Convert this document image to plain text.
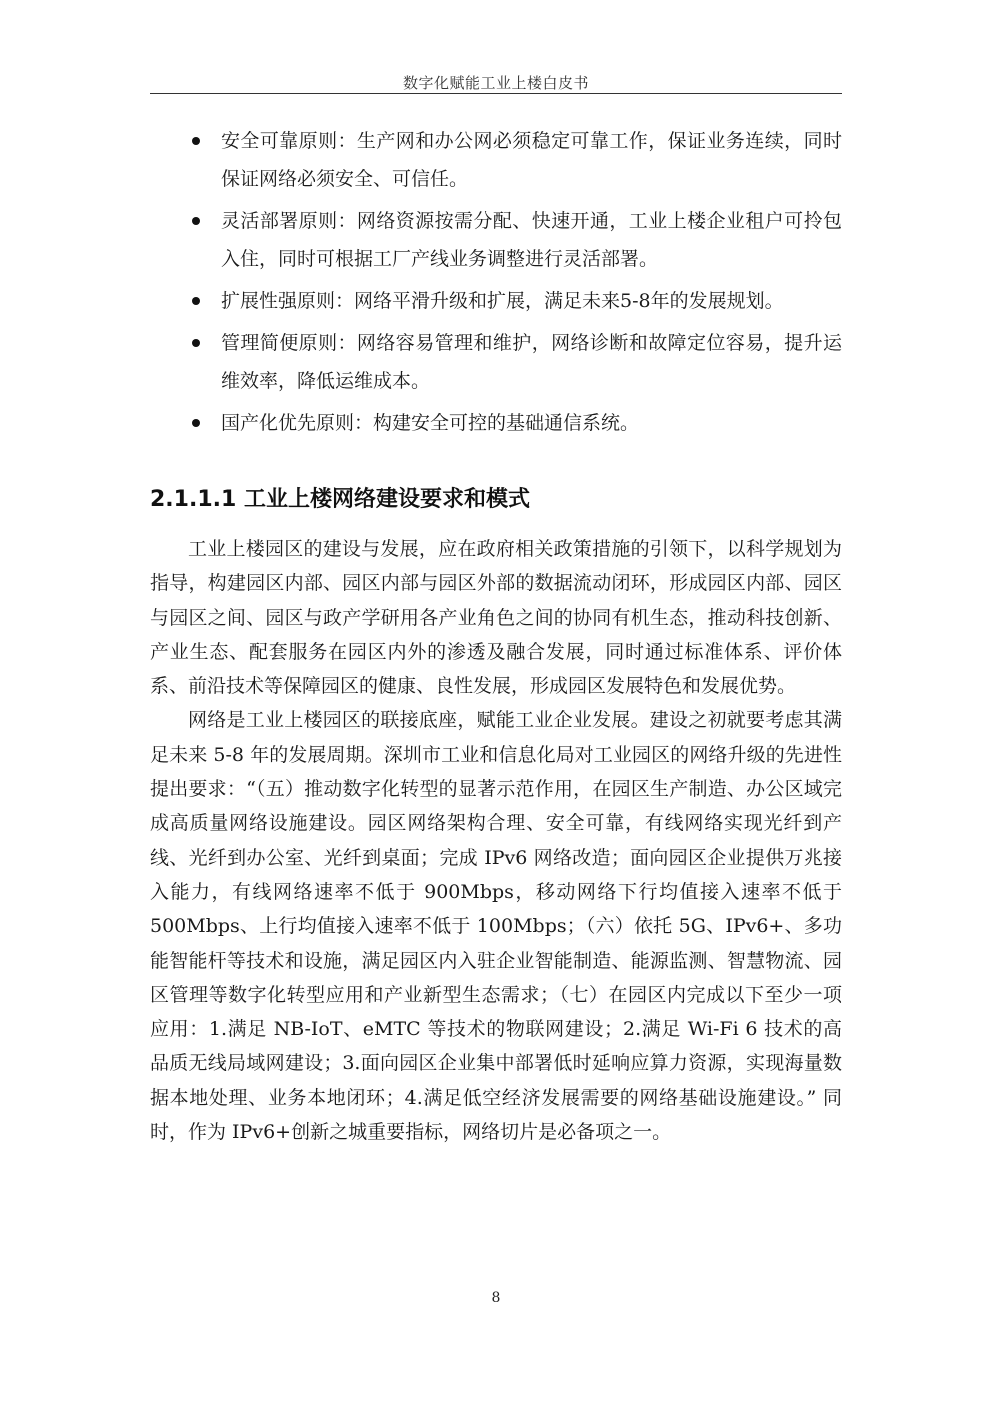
数字化赋能工业上楼白皮书
安全可靠原则：生产网和办公网必须稳定可靠工作，保证业务连续，同时保证网络必须安全、可信任。
灵活部署原则：网络资源按需分配、快速开通，工业上楼企业租户可拎包入住，同时可根据工厂产线业务调整进行灵活部署。
扩展性强原则：网络平滑升级和扩展，满足未来5-8年的发展规划。
管理简便原则：网络容易管理和维护，网络诊断和故障定位容易，提升运维效率，降低运维成本。
国产化优先原则：构建安全可控的基础通信系统。
2.1.1.1 工业上楼网络建设要求和模式

工业上楼园区的建设与发展，应在政府相关政策措施的引领下，以科学规划为指导，构建园区内部、园区内部与园区外部的数据流动闭环，形成园区内部、园区与园区之间、园区与政产学研用各产业角色之间的协同有机生态，推动科技创新、产业生态、配套服务在园区内外的渗透及融合发展，同时通过标准体系、评价体系、前沿技术等保障园区的健康、良性发展，形成园区发展特色和发展优势。

网络是工业上楼园区的联接底座，赋能工业企业发展。建设之初就要考虑其满足未来 5-8 年的发展周期。深圳市工业和信息化局对工业园区的网络升级的先进性提出要求：“（五）推动数字化转型的显著示范作用，在园区生产制造、办公区域完成高质量网络设施建设。园区网络架构合理、安全可靠，有线网络实现光纤到产线、光纤到办公室、光纤到桌面；完成 IPv6 网络改造；面向园区企业提供万兆接入能力，有线网络速率不低于 900Mbps，移动网络下行均值接入速率不低于 500Mbps、上行均值接入速率不低于 100Mbps；（六）依托 5G、IPv6+、多功能智能杆等技术和设施，满足园区内入驻企业智能制造、能源监测、智慧物流、园区管理等数字化转型应用和产业新型生态需求；（七）在园区内完成以下至少一项应用：1.满足 NB-IoT、eMTC 等技术的物联网建设；2.满足 Wi-Fi 6 技术的高品质无线局域网建设；3.面向园区企业集中部署低时延响应算力资源，实现海量数据本地处理、业务本地闭环；4.满足低空经济发展需要的网络基础设施建设。” 同时，作为 IPv6+创新之城重要指标，网络切片是必备项之一。

8
